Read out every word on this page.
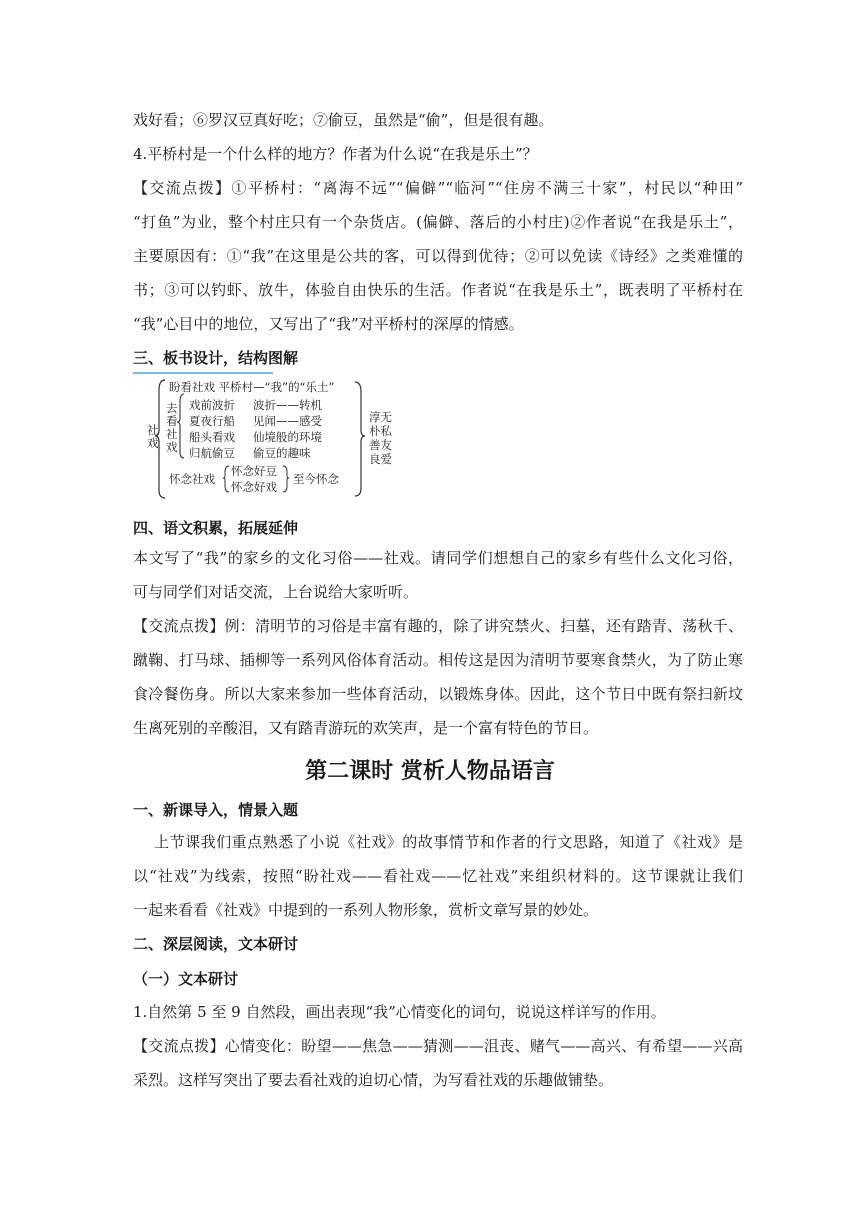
戏好看；⑥罗汉豆真好吃；⑦偷豆，虽然是“偷”，但是很有趣。
4.平桥村是一个什么样的地方？作者为什么说“在我是乐土”？
【交流点拨】①平桥村：“离海不远”“偏僻”“临河”“住房不满三十家”，村民以“种田”
“打鱼”为业，整个村庄只有一个杂货店。(偏僻、落后的小村庄)②作者说“在我是乐土”，
主要原因有：①“我”在这里是公共的客，可以得到优待；②可以免读《诗经》之类难懂的
书；③可以钓虾、放牛，体验自由快乐的生活。作者说“在我是乐土”，既表明了平桥村在
“我”心目中的地位，又写出了“我”对平桥村的深厚的情感。
三、板书设计，结构图解
社戏
盼看社戏 平桥村—“我”的“乐土”
去看社戏
戏前波折 波折——转机
夏夜行船 见闻——感受
船头看戏 仙境般的环境
归航偷豆 偷豆的趣味
怀念社戏
怀念好豆
怀念好戏
至今怀念
淳无朴私善友良爱
四、语文积累，拓展延伸
本文写了“我”的家乡的文化习俗——社戏。请同学们想想自己的家乡有些什么文化习俗，
可与同学们对话交流，上台说给大家听听。
【交流点拨】例：清明节的习俗是丰富有趣的，除了讲究禁火、扫墓，还有踏青、荡秋千、
蹴鞠、打马球、插柳等一系列风俗体育活动。相传这是因为清明节要寒食禁火，为了防止寒
食冷餐伤身。所以大家来参加一些体育活动，以锻炼身体。因此，这个节日中既有祭扫新坟
生离死别的辛酸泪，又有踏青游玩的欢笑声，是一个富有特色的节日。
第二课时 赏析人物品语言
一、新课导入，情景入题
上节课我们重点熟悉了小说《社戏》的故事情节和作者的行文思路，知道了《社戏》是
以“社戏”为线索，按照“盼社戏——看社戏——忆社戏”来组织材料的。这节课就让我们
一起来看看《社戏》中提到的一系列人物形象，赏析文章写景的妙处。
二、深层阅读，文本研讨
（一）文本研讨
1.自然第 5 至 9 自然段，画出表现“我”心情变化的词句，说说这样详写的作用。
【交流点拨】心情变化：盼望——焦急——猜测——沮丧、赌气——高兴、有希望——兴高
采烈。这样写突出了要去看社戏的迫切心情，为写看社戏的乐趣做铺垫。
